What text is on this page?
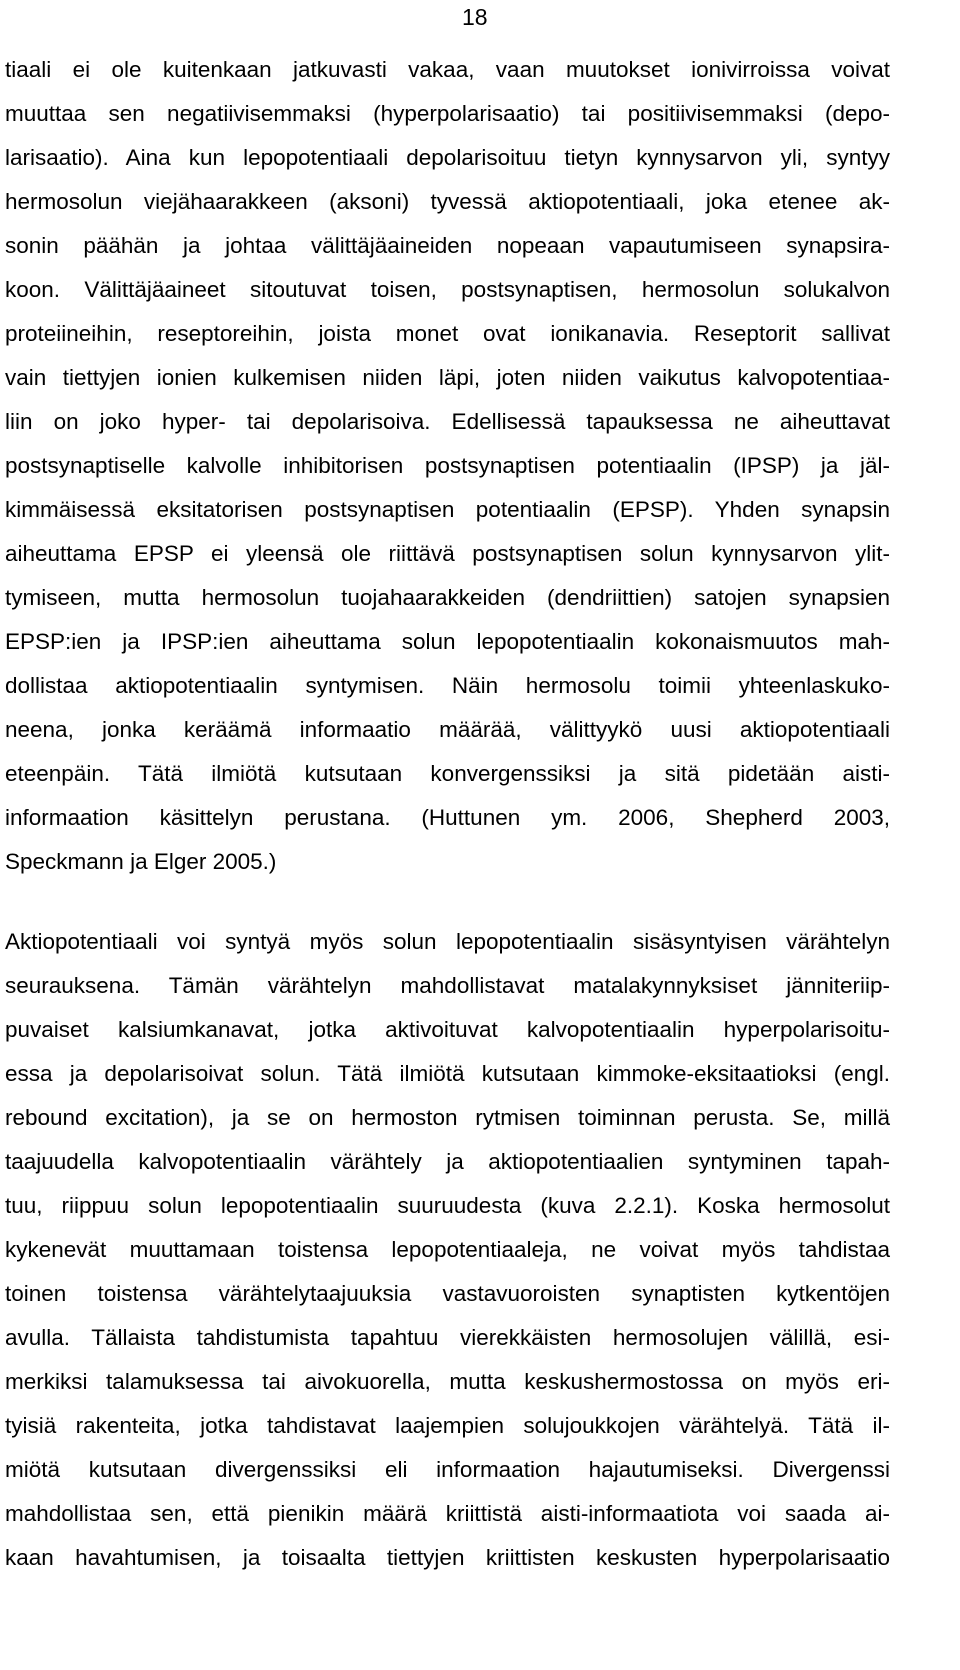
18
tiaali ei ole kuitenkaan jatkuvasti vakaa, vaan muutokset ionivirroissa voivat
muuttaa sen negatiivisemmaksi (hyperpolarisaatio) tai positiivisemmaksi (depo-
larisaatio). Aina kun lepopotentiaali depolarisoituu tietyn kynnysarvon yli, syntyy
hermosolun viejähaarakkeen (aksoni) tyvessä aktiopotentiaali, joka etenee ak-
sonin päähän ja johtaa välittäjäaineiden nopeaan vapautumiseen synapsira-
koon. Välittäjäaineet sitoutuvat toisen, postsynaptisen, hermosolun solukalvon
proteiineihin, reseptoreihin, joista monet ovat ionikanavia. Reseptorit sallivat
vain tiettyjen ionien kulkemisen niiden läpi, joten niiden vaikutus kalvopotentiaa-
liin on joko hyper- tai depolarisoiva. Edellisessä tapauksessa ne aiheuttavat
postsynaptiselle kalvolle inhibitorisen postsynaptisen potentiaalin (IPSP) ja jäl-
kimmäisessä eksitatorisen postsynaptisen potentiaalin (EPSP). Yhden synapsin
aiheuttama EPSP ei yleensä ole riittävä postsynaptisen solun kynnysarvon ylit-
tymiseen, mutta hermosolun tuojahaarakkeiden (dendriittien) satojen synapsien
EPSP:ien ja IPSP:ien aiheuttama solun lepopotentiaalin kokonaismuutos mah-
dollistaa aktiopotentiaalin syntymisen. Näin hermosolu toimii yhteenlaskuko-
neena, jonka keräämä informaatio määrää, välittyykö uusi aktiopotentiaali
eteenpäin. Tätä ilmiötä kutsutaan konvergenssiksi ja sitä pidetään aisti-
informaation käsittelyn perustana. (Huttunen ym. 2006, Shepherd 2003,
Speckmann ja Elger 2005.)
Aktiopotentiaali voi syntyä myös solun lepopotentiaalin sisäsyntyisen värähtelyn
seurauksena. Tämän värähtelyn mahdollistavat matalakynnyksiset jänniteriip-
puvaiset kalsiumkanavat, jotka aktivoituvat kalvopotentiaalin hyperpolarisoitu-
essa ja depolarisoivat solun. Tätä ilmiötä kutsutaan kimmoke-eksitaatioksi (engl.
rebound excitation), ja se on hermoston rytmisen toiminnan perusta. Se, millä
taajuudella kalvopotentiaalin värähtely ja aktiopotentiaalien syntyminen tapah-
tuu, riippuu solun lepopotentiaalin suuruudesta (kuva 2.2.1). Koska hermosolut
kykenevät muuttamaan toistensa lepopotentiaaleja, ne voivat myös tahdistaa
toinen toistensa värähtelytaajuuksia vastavuoroisten synaptisten kytkentöjen
avulla. Tällaista tahdistumista tapahtuu vierekkäisten hermosolujen välillä, esi-
merkiksi talamuksessa tai aivokuorella, mutta keskushermostossa on myös eri-
tyisiä rakenteita, jotka tahdistavat laajempien solujoukkojen värähtelyä. Tätä il-
miötä kutsutaan divergenssiksi eli informaation hajautumiseksi. Divergenssi
mahdollistaa sen, että pienikin määrä kriittistä aisti-informaatiota voi saada ai-
kaan havahtumisen, ja toisaalta tiettyjen kriittisten keskusten hyperpolarisaatio
